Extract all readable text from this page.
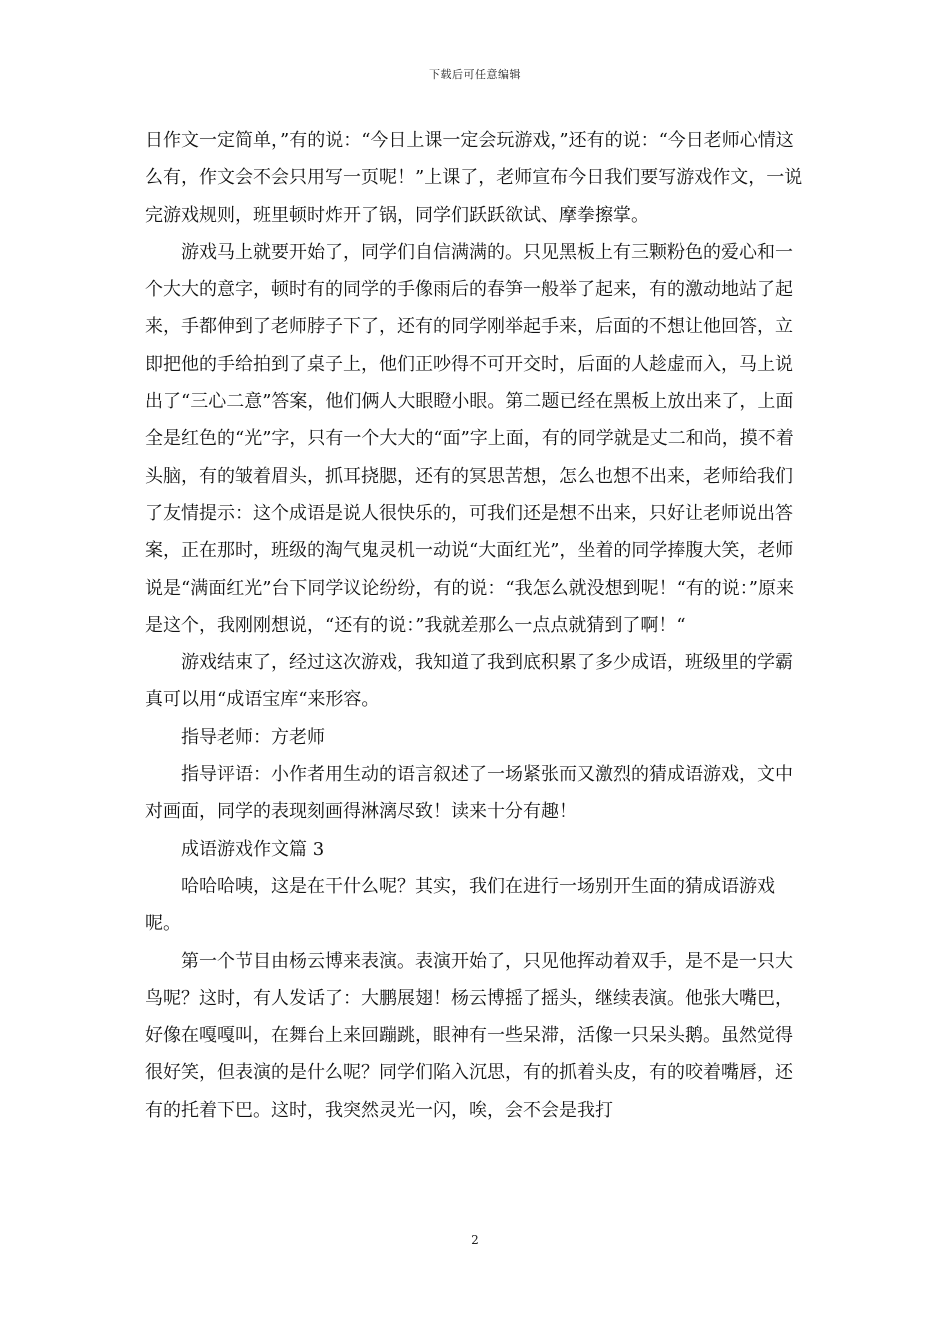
下载后可任意编辑

日作文一定简单，”有的说：“今日上课一定会玩游戏，”还有的说：“今日老师心情这么有，作文会不会只用写一页呢！”上课了，老师宣布今日我们要写游戏作文，一说完游戏规则，班里顿时炸开了锅，同学们跃跃欲试、摩拳擦掌。

游戏马上就要开始了，同学们自信满满的。只见黑板上有三颗粉色的爱心和一个大大的意字，顿时有的同学的手像雨后的春笋一般举了起来，有的激动地站了起来，手都伸到了老师脖子下了，还有的同学刚举起手来，后面的不想让他回答，立即把他的手给拍到了桌子上，他们正吵得不可开交时，后面的人趁虚而入，马上说出了“三心二意”答案，他们俩人大眼瞪小眼。第二题已经在黑板上放出来了，上面全是红色的“光”字，只有一个大大的“面”字上面，有的同学就是丈二和尚，摸不着头脑，有的皱着眉头，抓耳挠腮，还有的冥思苦想，怎么也想不出来，老师给我们了友情提示：这个成语是说人很快乐的，可我们还是想不出来，只好让老师说出答案，正在那时，班级的淘气鬼灵机一动说“大面红光”，坐着的同学捧腹大笑，老师说是“满面红光”台下同学议论纷纷，有的说：“我怎么就没想到呢！“有的说：”原来是这个，我刚刚想说，“还有的说：”我就差那么一点点就猜到了啊！“

游戏结束了，经过这次游戏，我知道了我到底积累了多少成语，班级里的学霸真可以用“成语宝库“来形容。

指导老师：方老师

指导评语：小作者用生动的语言叙述了一场紧张而又激烈的猜成语游戏，文中对画面，同学的表现刻画得淋漓尽致！读来十分有趣！

成语游戏作文篇 3

哈哈哈咦，这是在干什么呢？其实，我们在进行一场别开生面的猜成语游戏呢。

第一个节目由杨云博来表演。表演开始了，只见他挥动着双手，是不是一只大鸟呢？这时，有人发话了：大鹏展翅！杨云博摇了摇头，继续表演。他张大嘴巴，好像在嘎嘎叫，在舞台上来回蹦跳，眼神有一些呆滞，活像一只呆头鹅。虽然觉得很好笑，但表演的是什么呢？同学们陷入沉思，有的抓着头皮，有的咬着嘴唇，还有的托着下巴。这时，我突然灵光一闪，唉，会不会是我打

2
